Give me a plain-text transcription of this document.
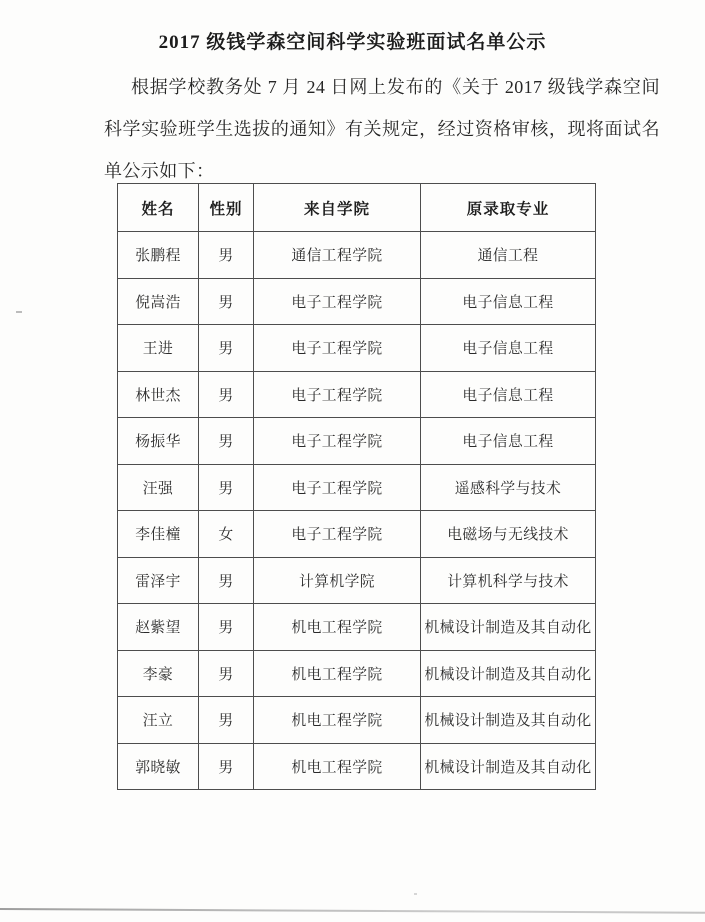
2017 级钱学森空间科学实验班面试名单公示
根据学校教务处 7 月 24 日网上发布的《关于 2017 级钱学森空间
科学实验班学生选拔的通知》有关规定，经过资格审核，现将面试名
单公示如下：
姓名	性别	来自学院	原录取专业
张鹏程	男	通信工程学院	通信工程
倪嵩浩	男	电子工程学院	电子信息工程
王进	男	电子工程学院	电子信息工程
林世杰	男	电子工程学院	电子信息工程
杨振华	男	电子工程学院	电子信息工程
汪强	男	电子工程学院	遥感科学与技术
李佳橦	女	电子工程学院	电磁场与无线技术
雷泽宇	男	计算机学院	计算机科学与技术
赵紫望	男	机电工程学院	机械设计制造及其自动化
李豪	男	机电工程学院	机械设计制造及其自动化
汪立	男	机电工程学院	机械设计制造及其自动化
郭晓敏	男	机电工程学院	机械设计制造及其自动化
